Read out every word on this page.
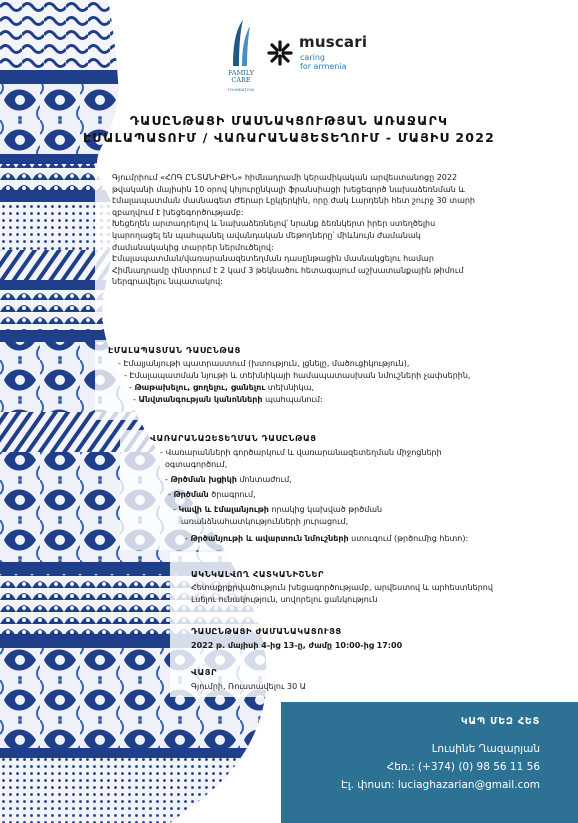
FAMILY
CARE
FOUNDATION
muscari
caring
for armenia
ԴԱՍԸՆԹԱՑԻ ՄԱՍՆԱԿՑՈՒԹՅԱՆ ԱՌԱՋԱՐԿ
ԷՄԱԼԱՊԱՏՈՒՄ / ՎԱՌԱՐԱՆԱՅԵՏԵՂՈՒՄ - ՄԱՅԻՍ 2022
Գյումրիում «ՀՈԳ ԸՆՏԱՆԻՔԻՆ» հիմնադրամի կերամիկական արվեստանոցը 2022
թվականի մայիսին 10 օրով կհյուրընկալի ֆրանսիացի խեցեգործ նախաձեռնման և
էմալապատման մասնագետ Ժերար Լըկլերկին, որը ժակ Լարդենի հետ շուրջ 30 տարի
զբաղվում է խեցեգործությամբ:
Խեցեղեն արտադրելով և նախաձեռնելով՝ նրանք ձեռնկերտ իրեր ստեղծելիս
կարողացել են պահպանել ավանդական մեթոդները՝ միևնույն ժամանակ
ժամանակակից տարրեր ներմուծելով:
Էմալապատման/վառարանազետեղման դասընթացին մասնակցելու համար
Հիմնադրամը փնտրում է 2 կամ 3 թեկնածու հետագայում աշխատանքային թիմում
ներգրավելու նպատակով:
ԷՄԱԼԱՊԱՏՄԱՆ ԴԱՍԸՆԹԱՑ
- Էմալյանյութի պատրաստում (խտություն, լցնելը, մածուցիկություն),
- Էմալապատման նյութի և տեխնիկայի համապատասխան նմուշների չափսերին,
- Թաթախելու, ցողելու, ցանելու տեխնիկա,
- Անվտանգության կանոնների պահպանում:
ՎԱՌԱՐԱՆԱԶԵՏԵՂՄԱՆ ԴԱՍԸՆԹԱՑ
- Վառարանների գործարկում և վառարանազետեղման միջոցների
օգտագործում,
- Թրծման խցիկի մոնտաժում,
- Թրծման ծրագրում,
- Կավի և էմալանյութի որակից կախված թրծման
առանձնահատկությունների յուրացում,
- Թրծանյութի և ավարտուն նմուշների ստուգում (թրծումից հետո):
ԱԿՆԿԱԼՎՈՂ ՀԱՏԿԱՆԻՇՆԵՐ
Հետաքրքրվածություն խեցագործությամբ, արվեստով և արհեստներով
Լսելու ունակություն, սովորելու ցանկություն
ԴԱՍԸՆԹԱՑԻ ԺԱՄԱՆԱԿԱՑՈՒՅՑ
2022 թ. մայիսի 4-ից 13-ը, ժամը 10:00-ից 17:00
ՎԱՅՐ
Գյումրի, Ռուստավելու 30 Ա
ԿԱՊ ՄԵԶ ՀԵՏ
Լուսինե Ղազարյան
Հեռ.: (+374) (0) 98 56 11 56
Էլ. փոստ: luciaghazarian@gmail.com
